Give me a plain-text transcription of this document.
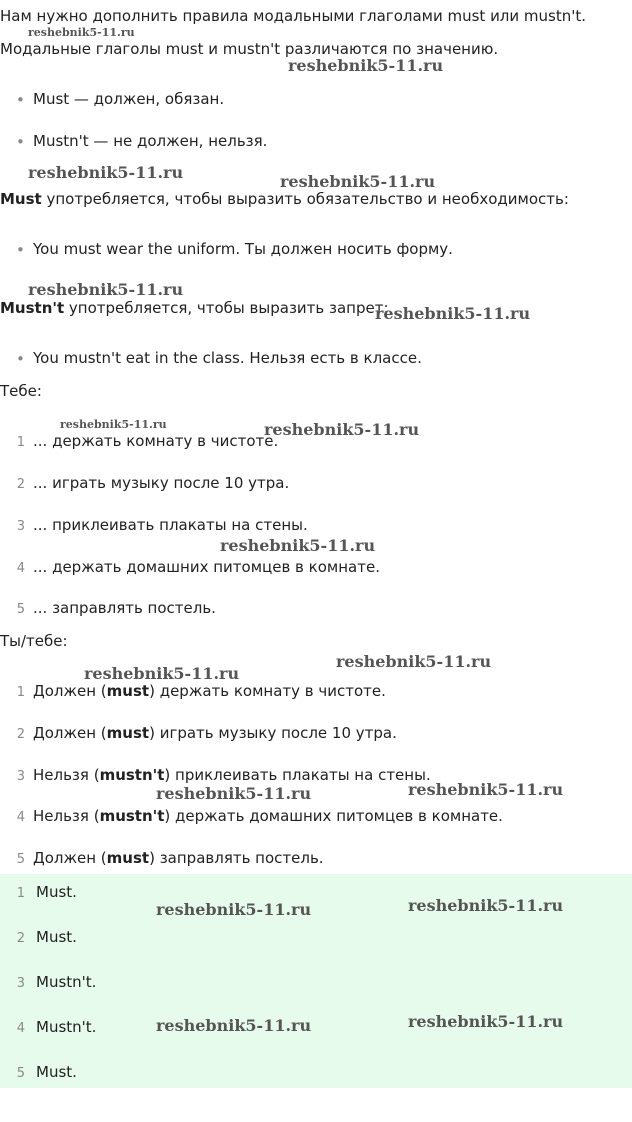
Нам нужно дополнить правила модальными глаголами must или mustn't.
Модальные глаголы must и mustn't различаются по значению.
• Must — должен, обязан.
• Mustn't — не должен, нельзя.
Must употребляется, чтобы выразить обязательство и необходимость:
• You must wear the uniform. Ты должен носить форму.
Mustn't употребляется, чтобы выразить запрет:
• You mustn't eat in the class. Нельзя есть в классе.
Тебе:
1 ... держать комнату в чистоте.
2 ... играть музыку после 10 утра.
3 ... приклеивать плакаты на стены.
4 ... держать домашних питомцев в комнате.
5 ... заправлять постель.
Ты/тебе:
1 Должен (must) держать комнату в чистоте.
2 Должен (must) играть музыку после 10 утра.
3 Нельзя (mustn't) приклеивать плакаты на стены.
4 Нельзя (mustn't) держать домашних питомцев в комнате.
5 Должен (must) заправлять постель.
1 Must.
2 Must.
3 Mustn't.
4 Mustn't.
5 Must.
reshebnik5-11.ru
reshebnik5-11.ru
reshebnik5-11.ru	reshebnik5-11.ru
reshebnik5-11.ru
reshebnik5-11.ru
reshebnik5-11.ru	reshebnik5-11.ru
reshebnik5-11.ru
reshebnik5-11.ru
reshebnik5-11.ru
reshebnik5-11.ru	reshebnik5-11.ru
reshebnik5-11.ru	reshebnik5-11.ru
reshebnik5-11.ru	reshebnik5-11.ru
